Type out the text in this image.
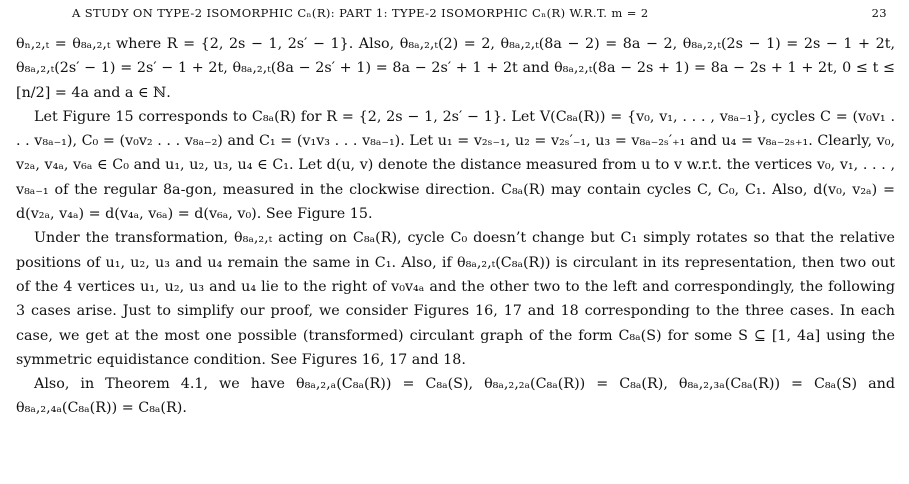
A STUDY ON TYPE-2 ISOMORPHIC Cₙ(R): PART 1: TYPE-2 ISOMORPHIC Cₙ(R) W.R.T. m = 2	23

θₙ,₂,ₜ = θ₈ₐ,₂,ₜ where R = {2, 2s − 1, 2s′ − 1}. Also, θ₈ₐ,₂,ₜ(2) = 2, θ₈ₐ,₂,ₜ(8a − 2) = 8a − 2, θ₈ₐ,₂,ₜ(2s − 1) = 2s − 1 + 2t, θ₈ₐ,₂,ₜ(2s′ − 1) = 2s′ − 1 + 2t, θ₈ₐ,₂,ₜ(8a − 2s′ + 1) = 8a − 2s′ + 1 + 2t and θ₈ₐ,₂,ₜ(8a − 2s + 1) = 8a − 2s + 1 + 2t, 0 ≤ t ≤ [n/2] = 4a and a ∈ ℕ.

Let Figure 15 corresponds to C₈ₐ(R) for R = {2, 2s − 1, 2s′ − 1}. Let V(C₈ₐ(R)) = {v₀, v₁, . . . , v₈ₐ₋₁}, cycles C = (v₀v₁ . . . v₈ₐ₋₁), C₀ = (v₀v₂ . . . v₈ₐ₋₂) and C₁ = (v₁v₃ . . . v₈ₐ₋₁). Let u₁ = v₂ₛ₋₁, u₂ = v₂ₛ′₋₁, u₃ = v₈ₐ₋₂ₛ′₊₁ and u₄ = v₈ₐ₋₂ₛ₊₁. Clearly, v₀, v₂ₐ, v₄ₐ, v₆ₐ ∈ C₀ and u₁, u₂, u₃, u₄ ∈ C₁. Let d(u, v) denote the distance measured from u to v w.r.t. the vertices v₀, v₁, . . . , v₈ₐ₋₁ of the regular 8a-gon, measured in the clockwise direction. C₈ₐ(R) may contain cycles C, C₀, C₁. Also, d(v₀, v₂ₐ) = d(v₂ₐ, v₄ₐ) = d(v₄ₐ, v₆ₐ) = d(v₆ₐ, v₀). See Figure 15.

Under the transformation, θ₈ₐ,₂,ₜ acting on C₈ₐ(R), cycle C₀ doesn’t change but C₁ simply rotates so that the relative positions of u₁, u₂, u₃ and u₄ remain the same in C₁. Also, if θ₈ₐ,₂,ₜ(C₈ₐ(R)) is circulant in its representation, then two out of the 4 vertices u₁, u₂, u₃ and u₄ lie to the right of v₀v₄ₐ and the other two to the left and correspondingly, the following 3 cases arise. Just to simplify our proof, we consider Figures 16, 17 and 18 corresponding to the three cases. In each case, we get at the most one possible (transformed) circulant graph of the form C₈ₐ(S) for some S ⊆ [1, 4a] using the symmetric equidistance condition. See Figures 16, 17 and 18.

Also, in Theorem 4.1, we have θ₈ₐ,₂,ₐ(C₈ₐ(R)) = C₈ₐ(S), θ₈ₐ,₂,₂ₐ(C₈ₐ(R)) = C₈ₐ(R), θ₈ₐ,₂,₃ₐ(C₈ₐ(R)) = C₈ₐ(S) and θ₈ₐ,₂,₄ₐ(C₈ₐ(R)) = C₈ₐ(R).
